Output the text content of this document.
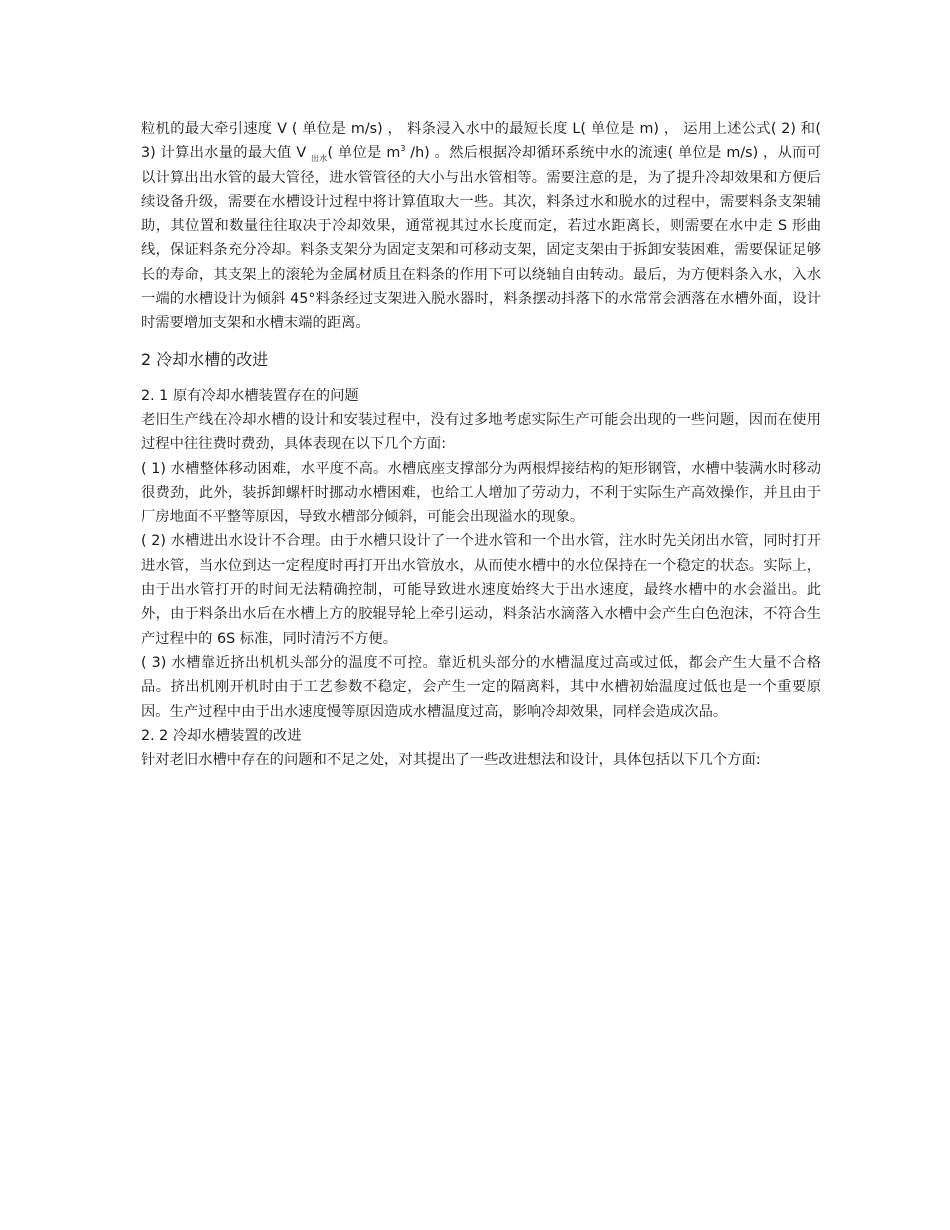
粒机的最大牵引速度 V ( 单位是 m/s) ， 料条浸入水中的最短长度 L( 单位是 m) ， 运用上述公式( 2) 和( 3) 计算出水量的最大值 V $_{出水}$( 单位是 $m^3$ /h) 。然后根据冷却循环系统中水的流速( 单位是 m/s) ，从而可以计算出出水管的最大管径，进水管管径的大小与出水管相等。需要注意的是，为了提升冷却效果和方便后续设备升级，需要在水槽设计过程中将计算值取大一些。其次，料条过水和脱水的过程中，需要料条支架辅助，其位置和数量往往取决于冷却效果，通常视其过水长度而定，若过水距离长，则需要在水中走 S 形曲线，保证料条充分冷却。料条支架分为固定支架和可移动支架，固定支架由于拆卸安装困难，需要保证足够长的寿命，其支架上的滚轮为金属材质且在料条的作用下可以绕轴自由转动。最后，为方便料条入水，入水一端的水槽设计为倾斜 45°料条经过支架进入脱水器时，料条摆动抖落下的水常常会洒落在水槽外面，设计时需要增加支架和水槽末端的距离。

2 冷却水槽的改进

2. 1 原有冷却水槽装置存在的问题

老旧生产线在冷却水槽的设计和安装过程中，没有过多地考虑实际生产可能会出现的一些问题，因而在使用过程中往往费时费劲，具体表现在以下几个方面:

( 1) 水槽整体移动困难，水平度不高。水槽底座支撑部分为两根焊接结构的矩形钢管，水槽中装满水时移动很费劲，此外，装拆卸螺杆时挪动水槽困难，也给工人增加了劳动力，不利于实际生产高效操作，并且由于厂房地面不平整等原因，导致水槽部分倾斜，可能会出现溢水的现象。

( 2) 水槽进出水设计不合理。由于水槽只设计了一个进水管和一个出水管，注水时先关闭出水管，同时打开进水管，当水位到达一定程度时再打开出水管放水，从而使水槽中的水位保持在一个稳定的状态。实际上，由于出水管打开的时间无法精确控制，可能导致进水速度始终大于出水速度，最终水槽中的水会溢出。此外，由于料条出水后在水槽上方的胶辊导轮上牵引运动，料条沾水滴落入水槽中会产生白色泡沫，不符合生产过程中的 6S 标准，同时清污不方便。

( 3) 水槽靠近挤出机机头部分的温度不可控。靠近机头部分的水槽温度过高或过低，都会产生大量不合格品。挤出机刚开机时由于工艺参数不稳定，会产生一定的隔离料，其中水槽初始温度过低也是一个重要原因。生产过程中由于出水速度慢等原因造成水槽温度过高，影响冷却效果，同样会造成次品。

2. 2 冷却水槽装置的改进

针对老旧水槽中存在的问题和不足之处，对其提出了一些改进想法和设计，具体包括以下几个方面:
